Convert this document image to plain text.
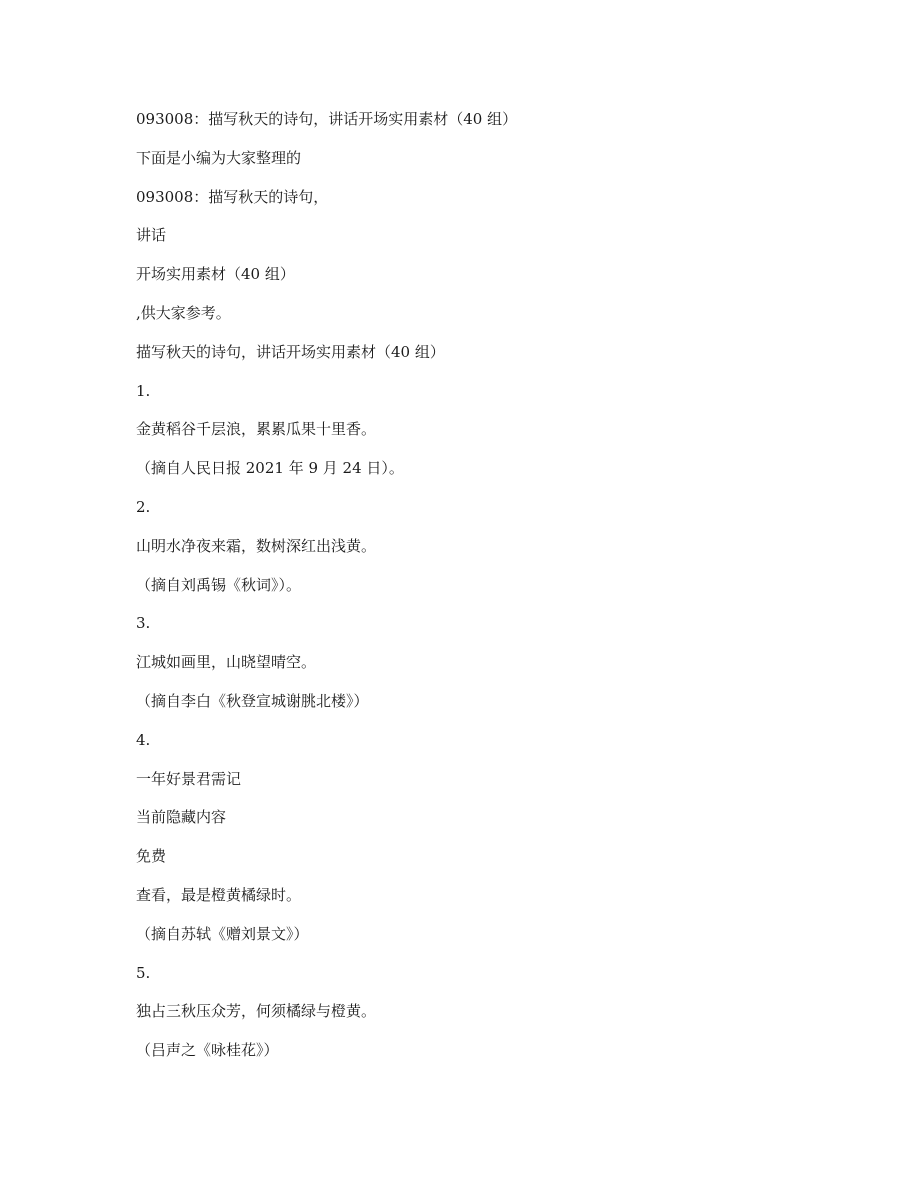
093008：描写秋天的诗句，讲话开场实用素材（40 组）
下面是小编为大家整理的
093008：描写秋天的诗句，
讲话
开场实用素材（40 组）
,供大家参考。
描写秋天的诗句，讲话开场实用素材（40 组）
1.
金黄稻谷千层浪，累累瓜果十里香。
（摘自人民日报 2021 年 9 月 24 日）。
2.
山明水净夜来霜，数树深红出浅黄。
（摘自刘禹锡《秋词》）。
3.
江城如画里，山晓望晴空。
（摘自李白《秋登宣城谢朓北楼》）
4.
一年好景君需记
当前隐藏内容
免费
查看，最是橙黄橘绿时。
（摘自苏轼《赠刘景文》）
5.
独占三秋压众芳，何须橘绿与橙黄。
（吕声之《咏桂花》）
